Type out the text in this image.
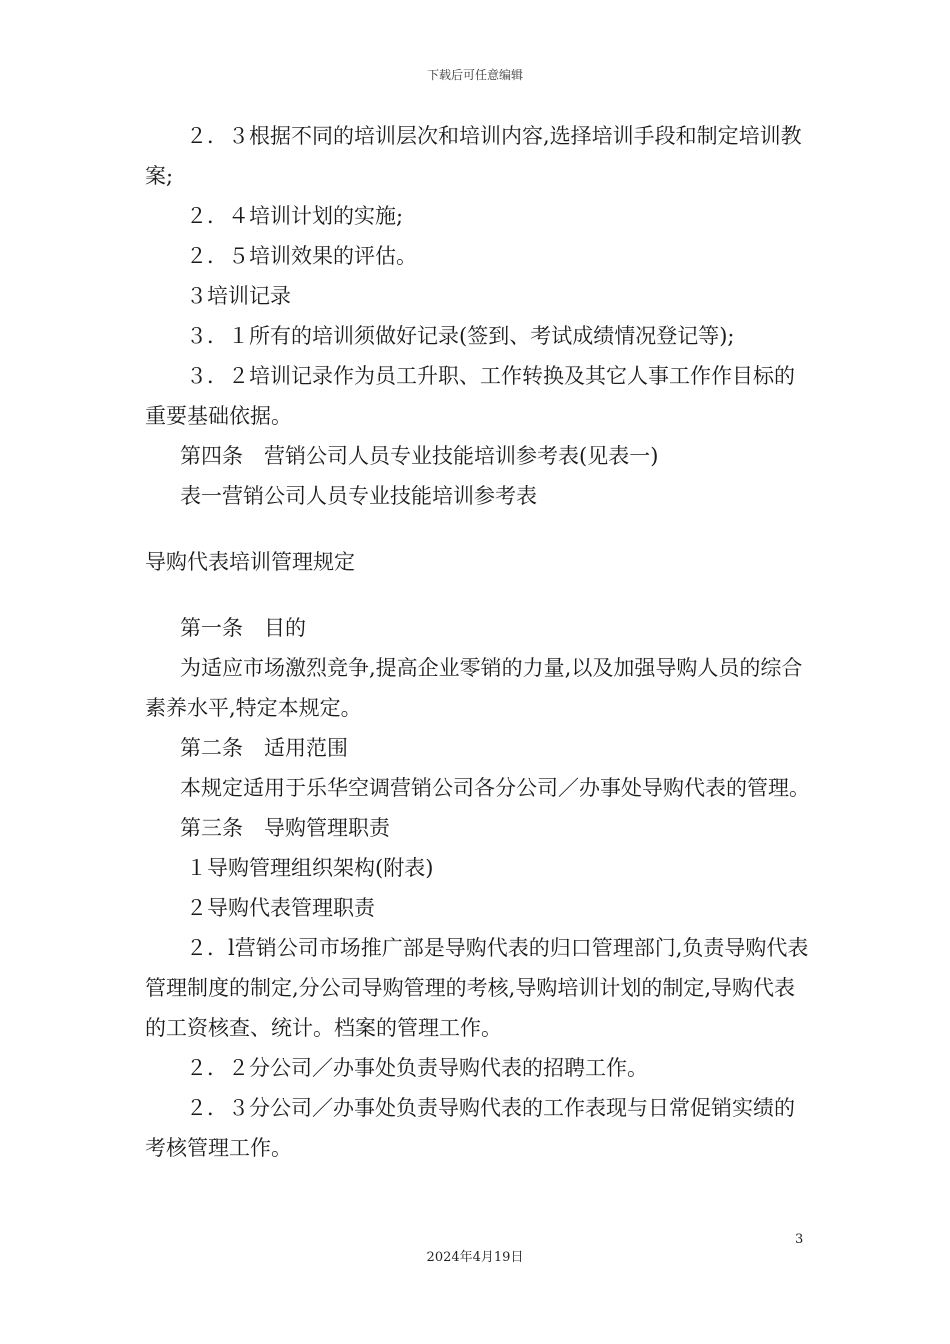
下载后可任意编辑

２．３根据不同的培训层次和培训内容,选择培训手段和制定培训教案;

２．４培训计划的实施;

２．５培训效果的评估。

３培训记录

３．１所有的培训须做好记录(签到、考试成绩情况登记等);

３．２培训记录作为员工升职、工作转换及其它人事工作作目标的重要基础依据。

第四条　营销公司人员专业技能培训参考表(见表一)

表一营销公司人员专业技能培训参考表

导购代表培训管理规定

第一条　目的

为适应市场激烈竞争,提高企业零销的力量,以及加强导购人员的综合素养水平,特定本规定。

第二条　适用范围

本规定适用于乐华空调营销公司各分公司／办事处导购代表的管理。

第三条　导购管理职责

１导购管理组织架构(附表)

２导购代表管理职责

２．l营销公司市场推广部是导购代表的归口管理部门,负责导购代表管理制度的制定,分公司导购管理的考核,导购培训计划的制定,导购代表的工资核查、统计。档案的管理工作。

２．２分公司／办事处负责导购代表的招聘工作。

２．３分公司／办事处负责导购代表的工作表现与日常促销实绩的考核管理工作。

3
2024年4月19日
